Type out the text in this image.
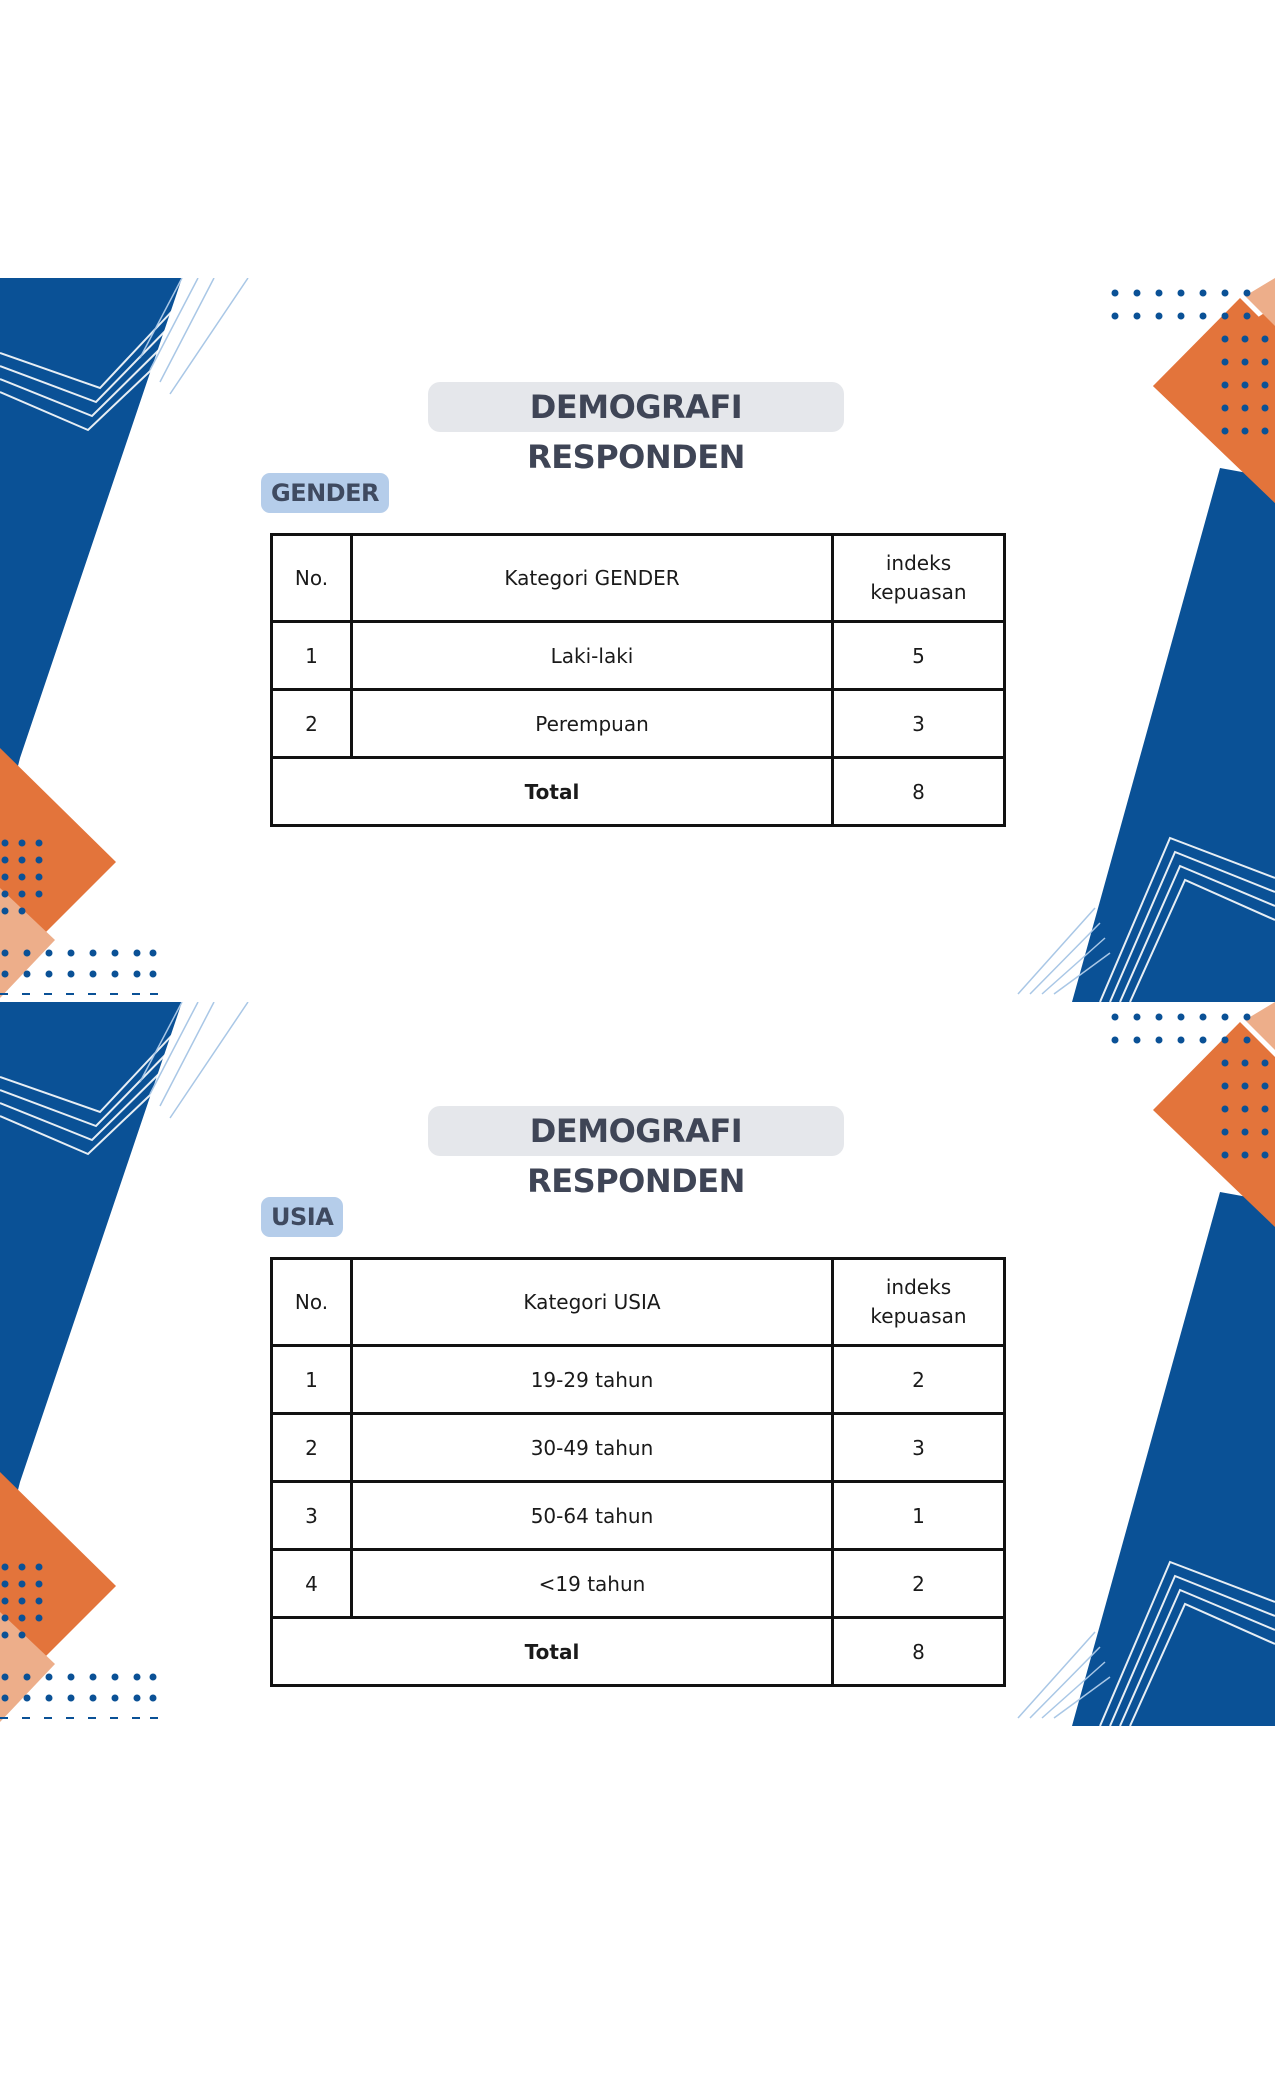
DEMOGRAFI RESPONDEN
GENDER
No.	Kategori GENDER	indeks kepuasan
1	Laki-laki	5
2	Perempuan	3
Total		8
DEMOGRAFI RESPONDEN
USIA
No.	Kategori USIA	indeks kepuasan
1	19-29 tahun	2
2	30-49 tahun	3
3	50-64 tahun	1
4	<19 tahun	2
Total		8
